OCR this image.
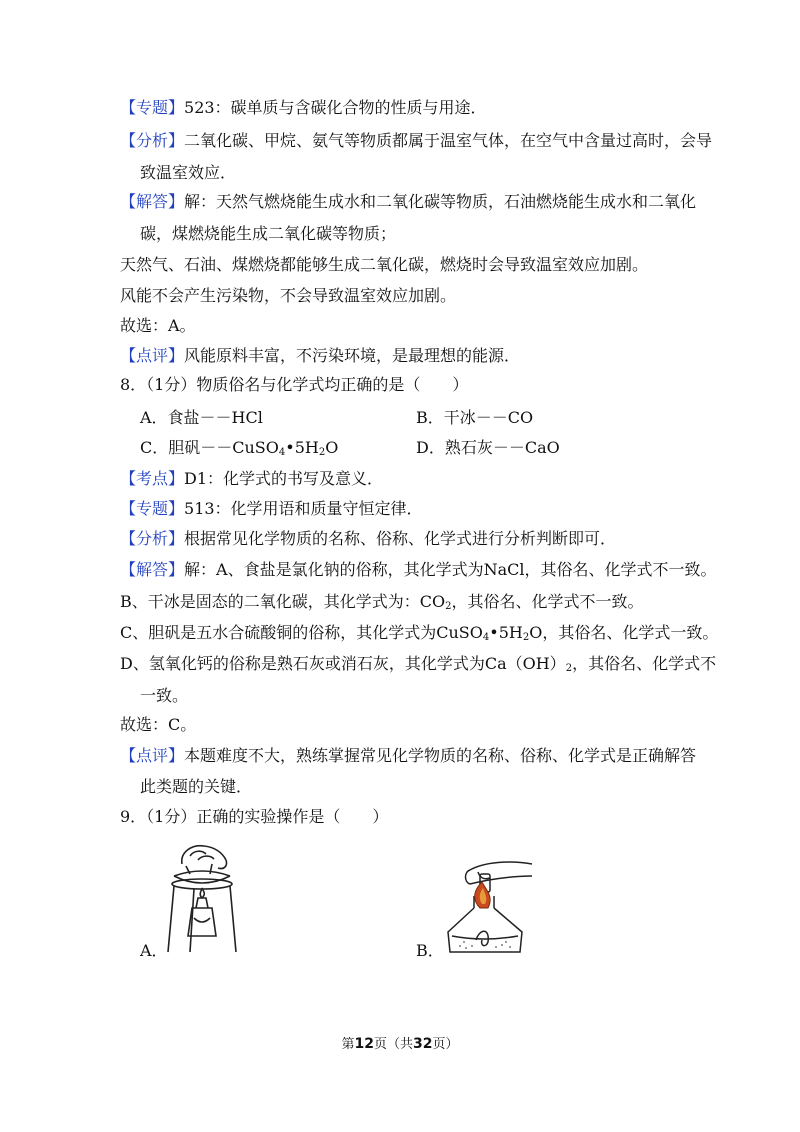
【专题】523：碳单质与含碳化合物的性质与用途．
【分析】二氧化碳、甲烷、氨气等物质都属于温室气体，在空气中含量过高时，会导
致温室效应．
【解答】解：天然气燃烧能生成水和二氧化碳等物质，石油燃烧能生成水和二氧化
碳，煤燃烧能生成二氧化碳等物质；
天然气、石油、煤燃烧都能够生成二氧化碳，燃烧时会导致温室效应加剧。
风能不会产生污染物，不会导致温室效应加剧。
故选：A。
【点评】风能原料丰富，不污染环境，是最理想的能源．
8．（1分）物质俗名与化学式均正确的是（　　）
A．食盐－－HCl	B．干冰－－CO
C．胆矾$--CuSO_4•5H_2O$	D．熟石灰－－CaO
【考点】D1：化学式的书写及意义．
【专题】513：化学用语和质量守恒定律．
【分析】根据常见化学物质的名称、俗称、化学式进行分析判断即可．
【解答】解：A、食盐是氯化钠的俗称，其化学式为NaCl，其俗名、化学式不一致。
B、干冰是固态的二氧化碳，其化学式为：$CO_2$，其俗名、化学式不一致。
C、胆矾是五水合硫酸铜的俗称，其化学式为$CuSO_4•5H_2O$，其俗名、化学式一致。
D、氢氧化钙的俗称是熟石灰或消石灰，其化学式为$Ca(OH)_2$，其俗名、化学式不
一致。
故选：C。
【点评】本题难度不大，熟练掌握常见化学物质的名称、俗称、化学式是正确解答
此类题的关键．
9．（1分）正确的实验操作是（　　）
A．	B．
第12页（共32页）
